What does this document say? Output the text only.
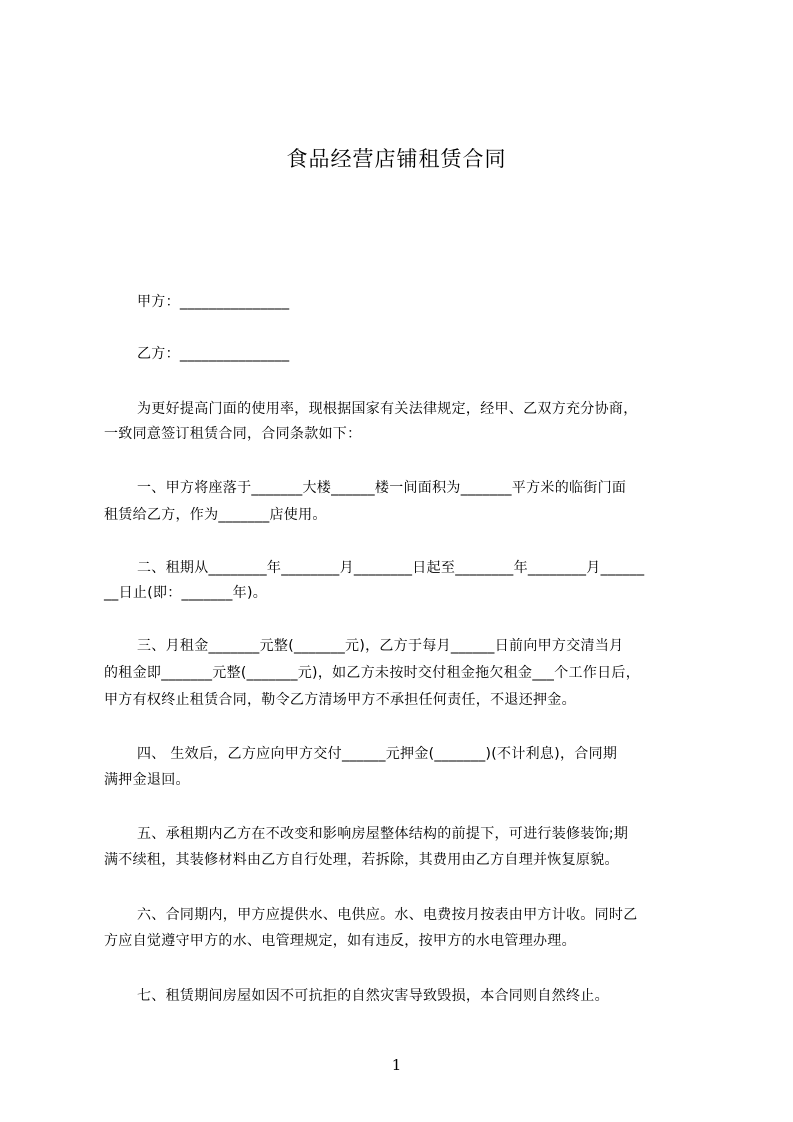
食品经营店铺租赁合同
甲方：_______________
乙方：_______________
为更好提高门面的使用率，现根据国家有关法律规定，经甲、乙双方充分协商，
一致同意签订租赁合同，合同条款如下：
一、甲方将座落于_______大楼______楼一间面积为_______平方米的临街门面
租赁给乙方，作为_______店使用。
二、租期从________年________月________日起至________年________月______
__日止(即：_______年)。
三、月租金_______元整(_______元)，乙方于每月______日前向甲方交清当月
的租金即_______元整(_______元)，如乙方未按时交付租金拖欠租金___个工作日后，
甲方有权终止租赁合同，勒令乙方清场甲方不承担任何责任，不退还押金。
四、 生效后，乙方应向甲方交付______元押金(_______)(不计利息)，合同期
满押金退回。
五、承租期内乙方在不改变和影响房屋整体结构的前提下，可进行装修装饰;期
满不续租，其装修材料由乙方自行处理，若拆除，其费用由乙方自理并恢复原貌。
六、合同期内，甲方应提供水、电供应。水、电费按月按表由甲方计收。同时乙
方应自觉遵守甲方的水、电管理规定，如有违反，按甲方的水电管理办理。
七、租赁期间房屋如因不可抗拒的自然灾害导致毁损，本合同则自然终止。
1
